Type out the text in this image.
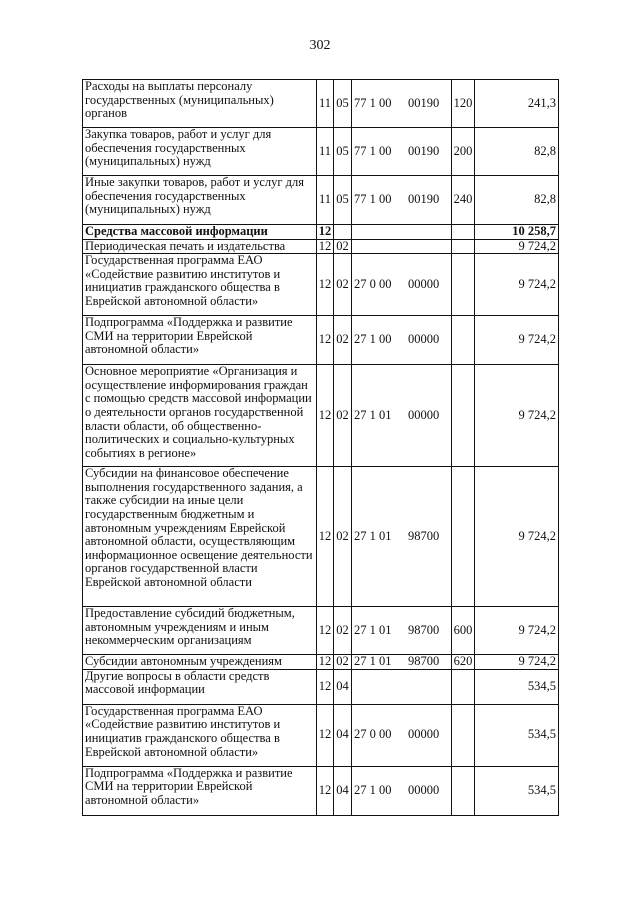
302
Расходы на выплаты персоналу государственных (муниципальных) органов	11	05	77 1 00 00190	120	241,3
Закупка товаров, работ и услуг для обеспечения государственных (муниципальных) нужд	11	05	77 1 00 00190	200	82,8
Иные закупки товаров, работ и услуг для обеспечения государственных (муниципальных) нужд	11	05	77 1 00 00190	240	82,8
Средства массовой информации	12				10 258,7
Периодическая печать и издательства	12	02			9 724,2
Государственная программа ЕАО «Содействие развитию институтов и инициатив гражданского общества в Еврейской автономной области»	12	02	27 0 00 00000		9 724,2
Подпрограмма «Поддержка и развитие СМИ на территории Еврейской автономной области»	12	02	27 1 00 00000		9 724,2
Основное мероприятие «Организация и осуществление информирования граждан с помощью средств массовой информации о деятельности органов государственной власти области, об общественно-политических и социально-культурных событиях в регионе»	12	02	27 1 01 00000		9 724,2
Субсидии на финансовое обеспечение выполнения государственного задания, а также субсидии на иные цели государственным бюджетным и автономным учреждениям Еврейской автономной области, осуществляющим информационное освещение деятельности органов государственной власти Еврейской автономной области	12	02	27 1 01 98700		9 724,2
Предоставление субсидий бюджетным, автономным учреждениям и иным некоммерческим организациям	12	02	27 1 01 98700	600	9 724,2
Субсидии автономным учреждениям	12	02	27 1 01 98700	620	9 724,2
Другие вопросы в области средств массовой информации	12	04			534,5
Государственная программа ЕАО «Содействие развитию институтов и инициатив гражданского общества в Еврейской автономной области»	12	04	27 0 00 00000		534,5
Подпрограмма «Поддержка и развитие СМИ на территории Еврейской автономной области»	12	04	27 1 00 00000		534,5
